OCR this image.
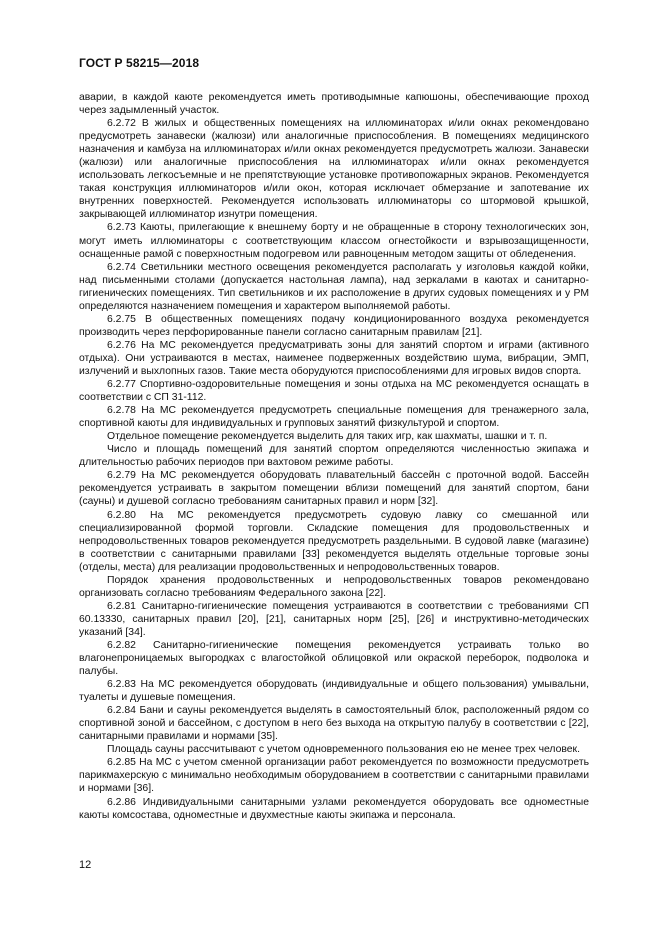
ГОСТ Р 58215—2018

аварии, в каждой каюте рекомендуется иметь противодымные капюшоны, обеспечивающие проход через задымленный участок.

6.2.72 В жилых и общественных помещениях на иллюминаторах и/или окнах рекомендовано предусмотреть занавески (жалюзи) или аналогичные приспособления. В помещениях медицинского назначения и камбуза на иллюминаторах и/или окнах рекомендуется предусмотреть жалюзи. Занавески (жалюзи) или аналогичные приспособления на иллюминаторах и/или окнах рекомендуется использовать легкосъемные и не препятствующие установке противопожарных экранов. Рекомендуется такая конструкция иллюминаторов и/или окон, которая исключает обмерзание и запотевание их внутренних поверхностей. Рекомендуется использовать иллюминаторы со штормовой крышкой, закрывающей иллюминатор изнутри помещения.

6.2.73 Каюты, прилегающие к внешнему борту и не обращенные в сторону технологических зон, могут иметь иллюминаторы с соответствующим классом огнестойкости и взрывозащищенности, оснащенные рамой с поверхностным подогревом или равноценным методом защиты от обледенения.

6.2.74 Светильники местного освещения рекомендуется располагать у изголовья каждой койки, над письменными столами (допускается настольная лампа), над зеркалами в каютах и санитарно-гигиенических помещениях. Тип светильников и их расположение в других судовых помещениях и у РМ определяются назначением помещения и характером выполняемой работы.

6.2.75 В общественных помещениях подачу кондиционированного воздуха рекомендуется производить через перфорированные панели согласно санитарным правилам [21].

6.2.76 На МС рекомендуется предусматривать зоны для занятий спортом и играми (активного отдыха). Они устраиваются в местах, наименее подверженных воздействию шума, вибрации, ЭМП, излучений и выхлопных газов. Такие места оборудуются приспособлениями для игровых видов спорта.

6.2.77 Спортивно-оздоровительные помещения и зоны отдыха на МС рекомендуется оснащать в соответствии с СП 31-112.

6.2.78 На МС рекомендуется предусмотреть специальные помещения для тренажерного зала, спортивной каюты для индивидуальных и групповых занятий физкультурой и спортом.

Отдельное помещение рекомендуется выделить для таких игр, как шахматы, шашки и т. п.

Число и площадь помещений для занятий спортом определяются численностью экипажа и длительностью рабочих периодов при вахтовом режиме работы.

6.2.79 На МС рекомендуется оборудовать плавательный бассейн с проточной водой. Бассейн рекомендуется устраивать в закрытом помещении вблизи помещений для занятий спортом, бани (сауны) и душевой согласно требованиям санитарных правил и норм [32].

6.2.80 На МС рекомендуется предусмотреть судовую лавку со смешанной или специализированной формой торговли. Складские помещения для продовольственных и непродовольственных товаров рекомендуется предусмотреть раздельными. В судовой лавке (магазине) в соответствии с санитарными правилами [33] рекомендуется выделять отдельные торговые зоны (отделы, места) для реализации продовольственных и непродовольственных товаров.

Порядок хранения продовольственных и непродовольственных товаров рекомендовано организовать согласно требованиям Федерального закона [22].

6.2.81 Санитарно-гигиенические помещения устраиваются в соответствии с требованиями СП 60.13330, санитарных правил [20], [21], санитарных норм [25], [26] и инструктивно-методических указаний [34].

6.2.82 Санитарно-гигиенические помещения рекомендуется устраивать только во влагонепроницаемых выгородках с влагостойкой облицовкой или окраской переборок, подволока и палубы.

6.2.83 На МС рекомендуется оборудовать (индивидуальные и общего пользования) умывальни, туалеты и душевые помещения.

6.2.84 Бани и сауны рекомендуется выделять в самостоятельный блок, расположенный рядом со спортивной зоной и бассейном, с доступом в него без выхода на открытую палубу в соответствии с [22], санитарными правилами и нормами [35].

Площадь сауны рассчитывают с учетом одновременного пользования ею не менее трех человек.

6.2.85 На МС с учетом сменной организации работ рекомендуется по возможности предусмотреть парикмахерскую с минимально необходимым оборудованием в соответствии с санитарными правилами и нормами [36].

6.2.86 Индивидуальными санитарными узлами рекомендуется оборудовать все одноместные каюты комсостава, одноместные и двухместные каюты экипажа и персонала.

12
